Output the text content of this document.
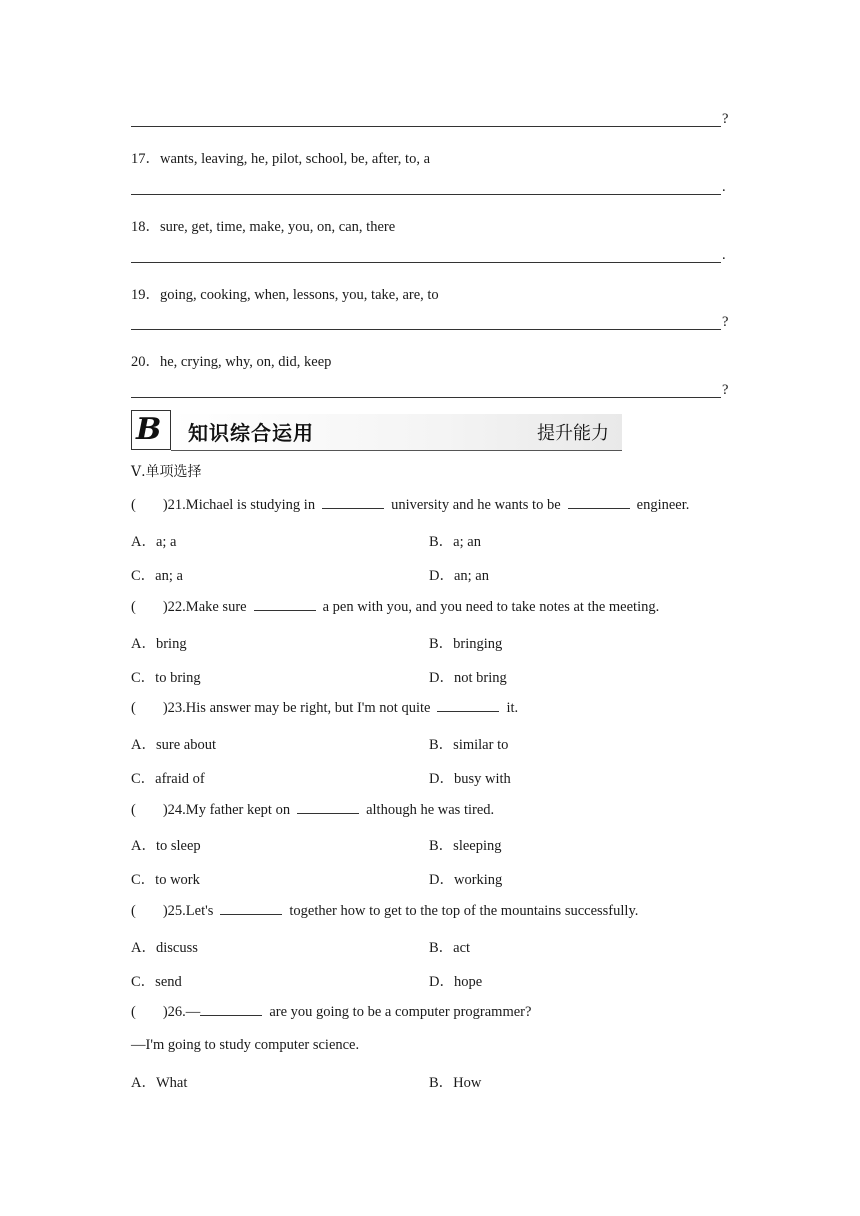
?
17．wants, leaving, he, pilot, school, be, after, to, a
.
18．sure, get, time, make, you, on, can, there
.
19．going, cooking, when, lessons, you, take, are, to
?
20．he, crying, why, on, did, keep
?
B 知识综合运用	提升能力
Ⅴ.单项选择
( )21.Michael is studying in	university and he wants to be	engineer.
A．a; a	B．a; an
C．an; a	D．an; an
( )22.Make sure	a pen with you, and you need to take notes at the meeting.
A．bring	B．bringing
C．to bring	D．not bring
( )23.His answer may be right, but I'm not quite	it.
A．sure about	B．similar to
C．afraid of	D．busy with
( )24.My father kept on	although he was tired.
A．to sleep	B．sleeping
C．to work	D．working
( )25.Let's	together how to get to the top of the mountains successfully.
A．discuss	B．act
C．send	D．hope
( )26.—	are you going to be a computer programmer?
—I'm going to study computer science.
A．What	B．How
